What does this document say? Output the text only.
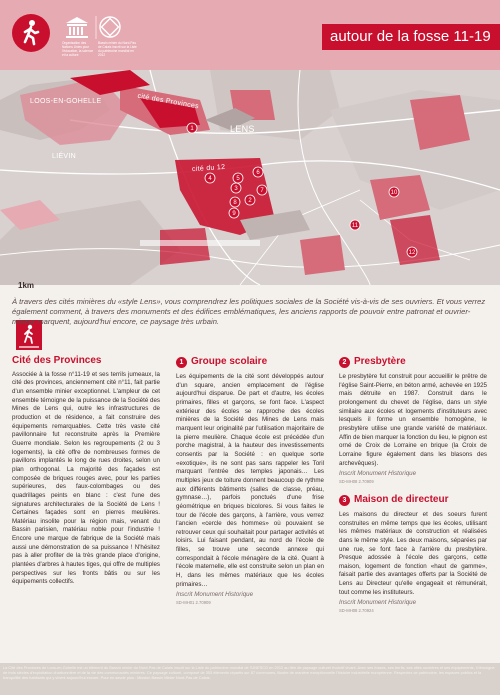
Organisation des Nations Unies pour l'éducation, la science et la culture
Bassin minier du Nord-Pas de Calais inscrit sur la Liste du patrimoine mondial en 2012
autour de la fosse 11-19
1
2
3
4	5
6
7
8
9
10
11
12
LOOS-EN-GOHELLE	cité des Provinces
LENS
LIÉVIN
cité du 12
1km
À travers des cités minières du «style Lens», vous comprendrez les politiques sociales de la Société vis-à-vis de ses ouvriers. Et vous verrez également comment, à travers des monuments et des édifices emblématiques, les anciens rapports de pouvoir entre patronat et ouvrier-mineur marquent, aujourd'hui encore, ce paysage très urbain.
Cité des Provinces

Associée à la fosse n°11-19 et ses terrils jumeaux, la cité des provinces, anciennement cité n°11, fait partie d'un ensemble minier exceptionnel. L'ampleur de cet ensemble témoigne de la puissance de la Société des Mines de Lens qui, outre les infrastructures de production et de résidence, a fait construire des équipements remarquables. Cette très vaste cité pavillonnaire fut reconstruite après la Première Guerre mondiale. Selon les regroupements (2 ou 3 logements), la cité offre de nombreuses formes de pavillons implantés le long de rues droites, selon un plan orthogonal. La majorité des façades est composée de briques rouges avec, pour les parties supérieures, des faux-colombages ou des quadrillages peints en blanc : c'est l'une des signatures architecturales de la Société de Lens ! Certaines façades sont en pierres meulières. Matériau insolite pour la région mais, venant du Bassin parisien, matériau noble pour l'industrie ! Encore une marque de fabrique de la Société mais aussi une démonstration de sa puissance ! N'hésitez pas à aller profiter de la très grande place d'origine, plantées d'arbres à hautes tiges, qui offre de multiples perspectives sur les fronts bâtis ou sur les équipements collectifs.

1 Groupe scolaire

Les équipements de la cité sont développés autour d'un square, ancien emplacement de l'église aujourd'hui disparue. De part et d'autre, les écoles primaires, filles et garçons, se font face. L'aspect extérieur des écoles se rapproche des écoles minières de la Société des Mines de Lens mais marquent leur originalité par l'utilisation majoritaire de la pierre meulière. Chaque école est précédée d'un porche magistral, à la hauteur des investissements consentis par la Société : en quelque sorte «exotique», ils ne sont pas sans rappeler les Toril marquant l'entrée des temples japonais… Les multiples jeux de toiture donnent beaucoup de rythme aux différents bâtiments (salles de classe, préau, gymnase…), parfois ponctués d'une frise géométrique en briques bicolores. Si vous faites le tour de l'école des garçons, à l'arrière, vous verrez l'ancien «cercle des hommes» où pouvaient se retrouver ceux qui souhaitait pour partager activités et loisirs. Lui faisant pendant, au nord de l'école de filles, se trouve une seconde annexe qui correspondait à l'école ménagère de la cité. Quant à l'école maternelle, elle est construite selon un plan en H, dans les mêmes matériaux que les écoles primaires…

Inscrit Monument Historique
SD-MH01 2.70909
2 Presbytère

Le presbytère fut construit pour accueillir le prêtre de l'église Saint-Pierre, en béton armé, achevée en 1925 mais détruite en 1987. Construit dans le prolongement du chevet de l'église, dans un style similaire aux écoles et logements d'instituteurs avec lesquels il forme un ensemble homogène, le presbytère utilise une grande variété de matériaux. Affin de bien marquer la fonction du lieu, le pignon est orné de Croix de Lorraine en brique (la Croix de Lorraine figure également dans les blasons des archevêques).

Inscrit Monument Historique
SD-MH08 2.70909
3 Maison de directeur

Les maisons du directeur et des soeurs furent construites en même temps que les écoles, utilisant les mêmes matériaux de construction et réalisées dans le même style. Les deux maisons, séparées par une rue, se font face à l'arrière du presbytère. Presque adossée à l'école des garçons, cette maison, logement de fonction «haut de gamme», faisait partie des avantages offerts par la Société de Lens au Directeur qu'elle engageait et rémunérait, tout comme les instituteurs.

Inscrit Monument Historique
SD-MH08 2.70924
La Cité des Provinces de Loos-en-Gohelle est un élément du Bassin minier du Nord-Pas de Calais inscrit sur la Liste du patrimoine mondial de l'UNESCO en 2012 au titre de paysage culturel évolutif vivant. Avec ses fosses, ses terrils, ses cités ouvrières et ses équipements, il témoigne de trois siècles d'exploitation charbonnière et de la vie des communautés minières. Ce paysage culturel, composé de 353 éléments répartis sur 87 communes, illustre de manière exceptionnelle l'histoire industrielle européenne. Respectez ce patrimoine, les espaces publics et la tranquillité des habitants qui y vivent aujourd'hui encore. Pour en savoir plus : Mission Bassin Minier Nord-Pas de Calais.
